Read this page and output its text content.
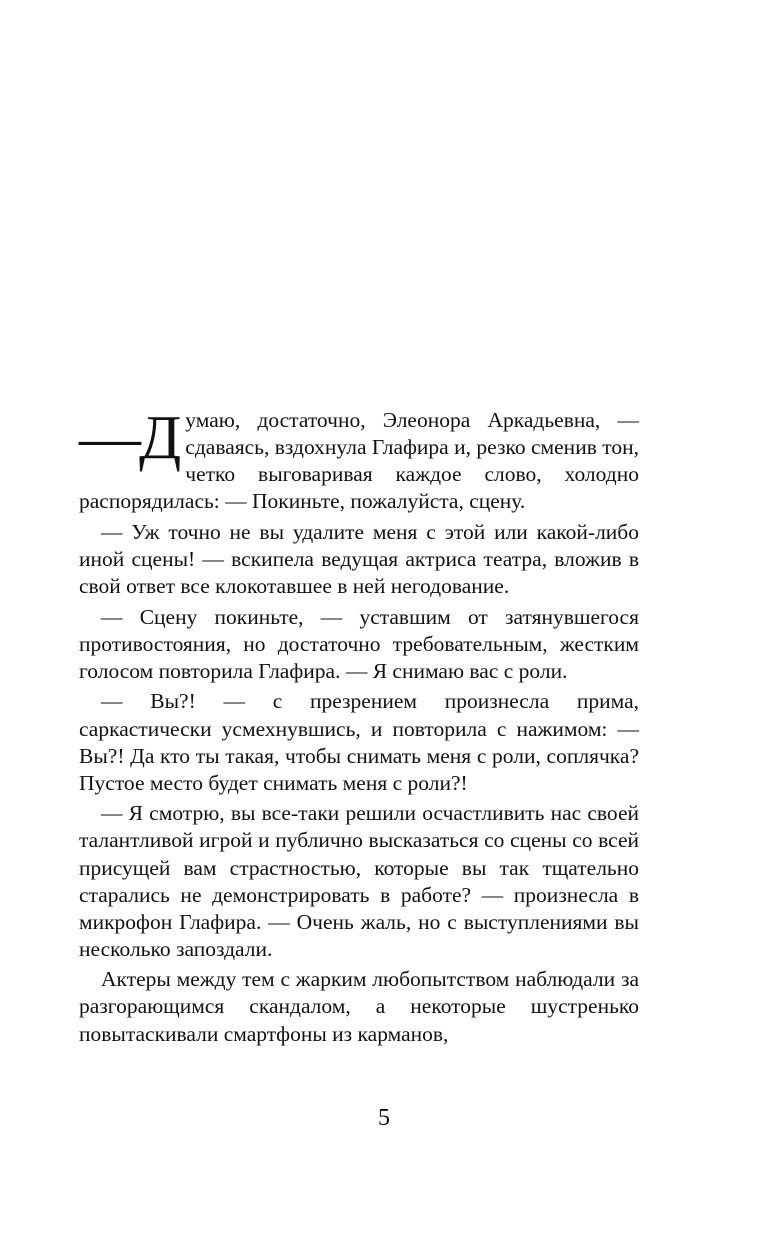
— Д умаю, достаточно, Элеонора Аркадьевна, — сдаваясь, вздохнула Глафира и, резко сменив тон, четко выговаривая каждое слово, холодно распорядилась: — Покиньте, пожалуйста, сцену.

— Уж точно не вы удалите меня с этой или какой-либо иной сцены! — вскипела ведущая актриса театра, вложив в свой ответ все клокотавшее в ней негодование.

— Сцену покиньте, — уставшим от затянувшегося противостояния, но достаточно требовательным, жестким голосом повторила Глафира. — Я снимаю вас с роли.

— Вы?! — с презрением произнесла прима, саркастически усмехнувшись, и повторила с нажимом: — Вы?! Да кто ты такая, чтобы снимать меня с роли, соплячка? Пустое место будет снимать меня с роли?!

— Я смотрю, вы все-таки решили осчастливить нас своей талантливой игрой и публично высказаться со сцены со всей присущей вам страстностью, которые вы так тщательно старались не демонстрировать в работе? — произнесла в микрофон Глафира. — Очень жаль, но с выступлениями вы несколько запоздали.

Актеры между тем с жарким любопытством наблюдали за разгорающимся скандалом, а некоторые шустренько повытаскивали смартфоны из карманов,

5
